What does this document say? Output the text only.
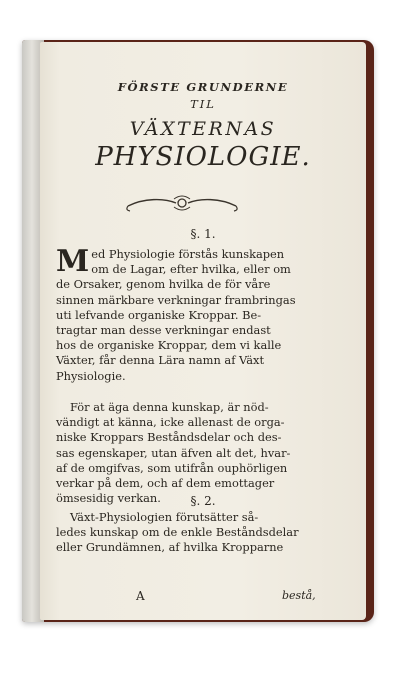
FÖRSTE GRUNDERNE
TIL
VÄXTERNAS
PHYSIOLOGIE.
§. 1.
M ed Physiologie förstås kunskapen
om de Lagar, efter hvilka, eller om
de Orsaker, genom hvilka de för våre
sinnen märkbare verkningar frambringas
uti lefvande organiske Kroppar. Be-
tragtar man desse verkningar endast
hos de organiske Kroppar, dem vi kalle
Växter, får denna Lära namn af Växt
Physiologie.
För at äga denna kunskap, är nöd-
vändigt at känna, icke allenast de orga-
niske Kroppars Beståndsdelar och des-
sas egenskaper, utan äfven alt det, hvar-
af de omgifvas, som utifrån ouphörligen
verkar på dem, och af dem emottager
ömsesidig verkan.	§. 2.
Växt-Physiologien förutsätter så-
ledes kunskap om de enkle Beståndsdelar
eller Grundämnen, af hvilka Kropparne
A	bestå,
